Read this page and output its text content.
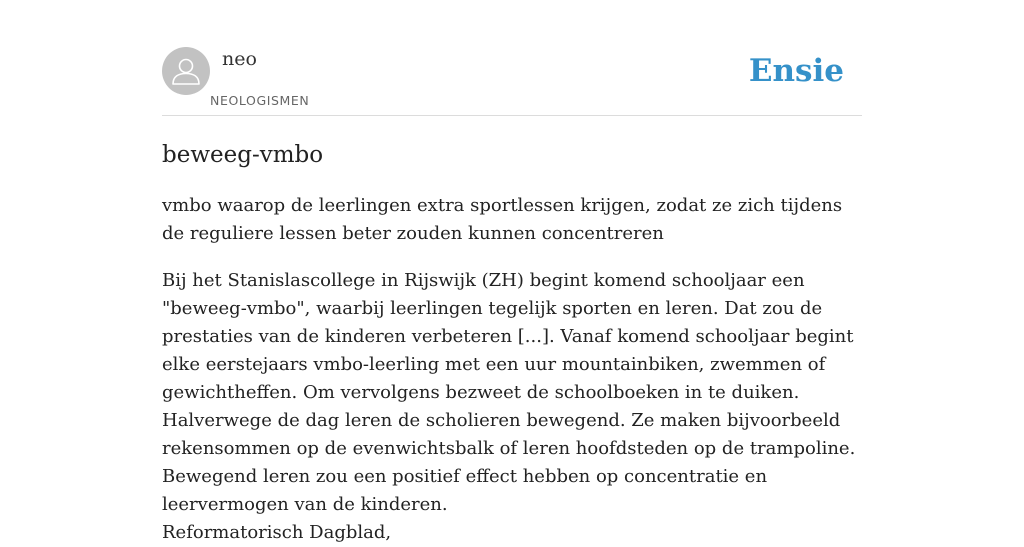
neo
NEOLOGISMEN
Ensie
beweeg-vmbo

vmbo waarop de leerlingen extra sportlessen krijgen, zodat ze zich tijdens de reguliere lessen beter zouden kunnen concentreren

Bij het Stanislascollege in Rijswijk (ZH) begint komend schooljaar een "beweeg-vmbo", waarbij leerlingen tegelijk sporten en leren. Dat zou de prestaties van de kinderen verbeteren [...]. Vanaf komend schooljaar begint elke eerstejaars vmbo-leerling met een uur mountainbiken, zwemmen of gewichtheffen. Om vervolgens bezweet de schoolboeken in te duiken. Halverwege de dag leren de scholieren bewegend. Ze maken bijvoorbeeld rekensommen op de evenwichtsbalk of leren hoofdsteden op de trampoline. Bewegend leren zou een positief effect hebben op concentratie en leervermogen van de kinderen.
Reformatorisch Dagblad,
